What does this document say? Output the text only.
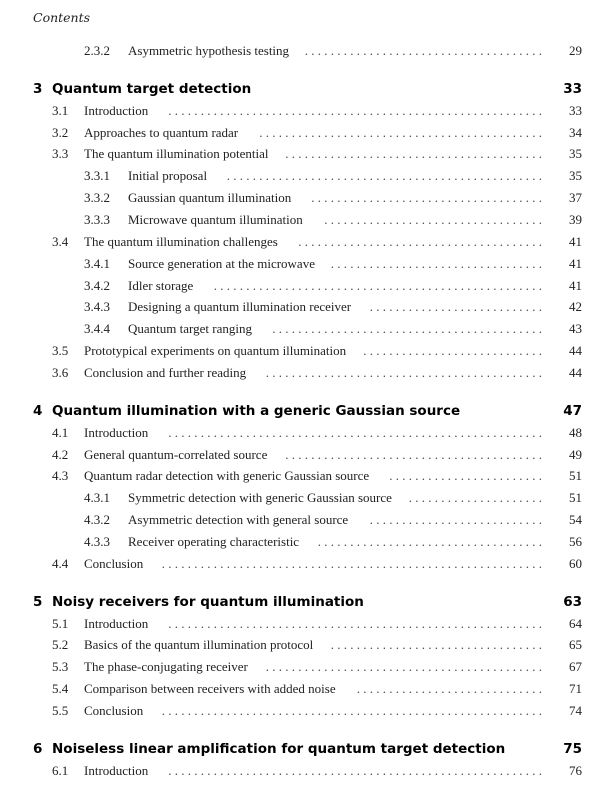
Contents
2.3.2	Asymmetric hypothesis testing	. . . . . . . . . . . . . . . . . . . . . . . . . . . . . . . . . . . . .	29
3 Quantum target detection	33
3.1	Introduction	. . . . . . . . . . . . . . . . . . . . . . . . . . . . . . . . . . . . . . . . . . . . . . . . . . . . . . . . . .	33
3.2	Approaches to quantum radar	. . . . . . . . . . . . . . . . . . . . . . . . . . . . . . . . . . . . . . . . . . . .	34
3.3	The quantum illumination potential	. . . . . . . . . . . . . . . . . . . . . . . . . . . . . . . . . . . . . . . .	35
3.3.1	Initial proposal	. . . . . . . . . . . . . . . . . . . . . . . . . . . . . . . . . . . . . . . . . . . . . . . . .	35
3.3.2	Gaussian quantum illumination	. . . . . . . . . . . . . . . . . . . . . . . . . . . . . . . . . . . .	37
3.3.3	Microwave quantum illumination	. . . . . . . . . . . . . . . . . . . . . . . . . . . . . . . . . .	39
3.4	The quantum illumination challenges	. . . . . . . . . . . . . . . . . . . . . . . . . . . . . . . . . . . . . .	41
3.4.1	Source generation at the microwave	. . . . . . . . . . . . . . . . . . . . . . . . . . . . . . . . .	41
3.4.2	Idler storage	. . . . . . . . . . . . . . . . . . . . . . . . . . . . . . . . . . . . . . . . . . . . . . . . . . .	41
3.4.3	Designing a quantum illumination receiver	. . . . . . . . . . . . . . . . . . . . . . . . . . .	42
3.4.4	Quantum target ranging	. . . . . . . . . . . . . . . . . . . . . . . . . . . . . . . . . . . . . . . . . .	43
3.5	Prototypical experiments on quantum illumination	. . . . . . . . . . . . . . . . . . . . . . . . . . . .	44
3.6	Conclusion and further reading	. . . . . . . . . . . . . . . . . . . . . . . . . . . . . . . . . . . . . . . . . . .	44
4 Quantum illumination with a generic Gaussian source	47
4.1	Introduction	. . . . . . . . . . . . . . . . . . . . . . . . . . . . . . . . . . . . . . . . . . . . . . . . . . . . . . . . . .	48
4.2	General quantum-correlated source	. . . . . . . . . . . . . . . . . . . . . . . . . . . . . . . . . . . . . . . .	49
4.3	Quantum radar detection with generic Gaussian source	. . . . . . . . . . . . . . . . . . . . . . . .	51
4.3.1	Symmetric detection with generic Gaussian source	. . . . . . . . . . . . . . . . . . . . .	51
4.3.2	Asymmetric detection with general source	. . . . . . . . . . . . . . . . . . . . . . . . . . .	54
4.3.3	Receiver operating characteristic	. . . . . . . . . . . . . . . . . . . . . . . . . . . . . . . . . . .	56
4.4	Conclusion	. . . . . . . . . . . . . . . . . . . . . . . . . . . . . . . . . . . . . . . . . . . . . . . . . . . . . . . . . . .	60
5 Noisy receivers for quantum illumination	63
5.1	Introduction	. . . . . . . . . . . . . . . . . . . . . . . . . . . . . . . . . . . . . . . . . . . . . . . . . . . . . . . . . .	64
5.2	Basics of the quantum illumination protocol	. . . . . . . . . . . . . . . . . . . . . . . . . . . . . . . . .	65
5.3	The phase-conjugating receiver	. . . . . . . . . . . . . . . . . . . . . . . . . . . . . . . . . . . . . . . . . . .	67
5.4	Comparison between receivers with added noise	. . . . . . . . . . . . . . . . . . . . . . . . . . . . .	71
5.5	Conclusion	. . . . . . . . . . . . . . . . . . . . . . . . . . . . . . . . . . . . . . . . . . . . . . . . . . . . . . . . . . .	74
6 Noiseless linear amplification for quantum target detection	75
6.1	Introduction	. . . . . . . . . . . . . . . . . . . . . . . . . . . . . . . . . . . . . . . . . . . . . . . . . . . . . . . . . .	76
